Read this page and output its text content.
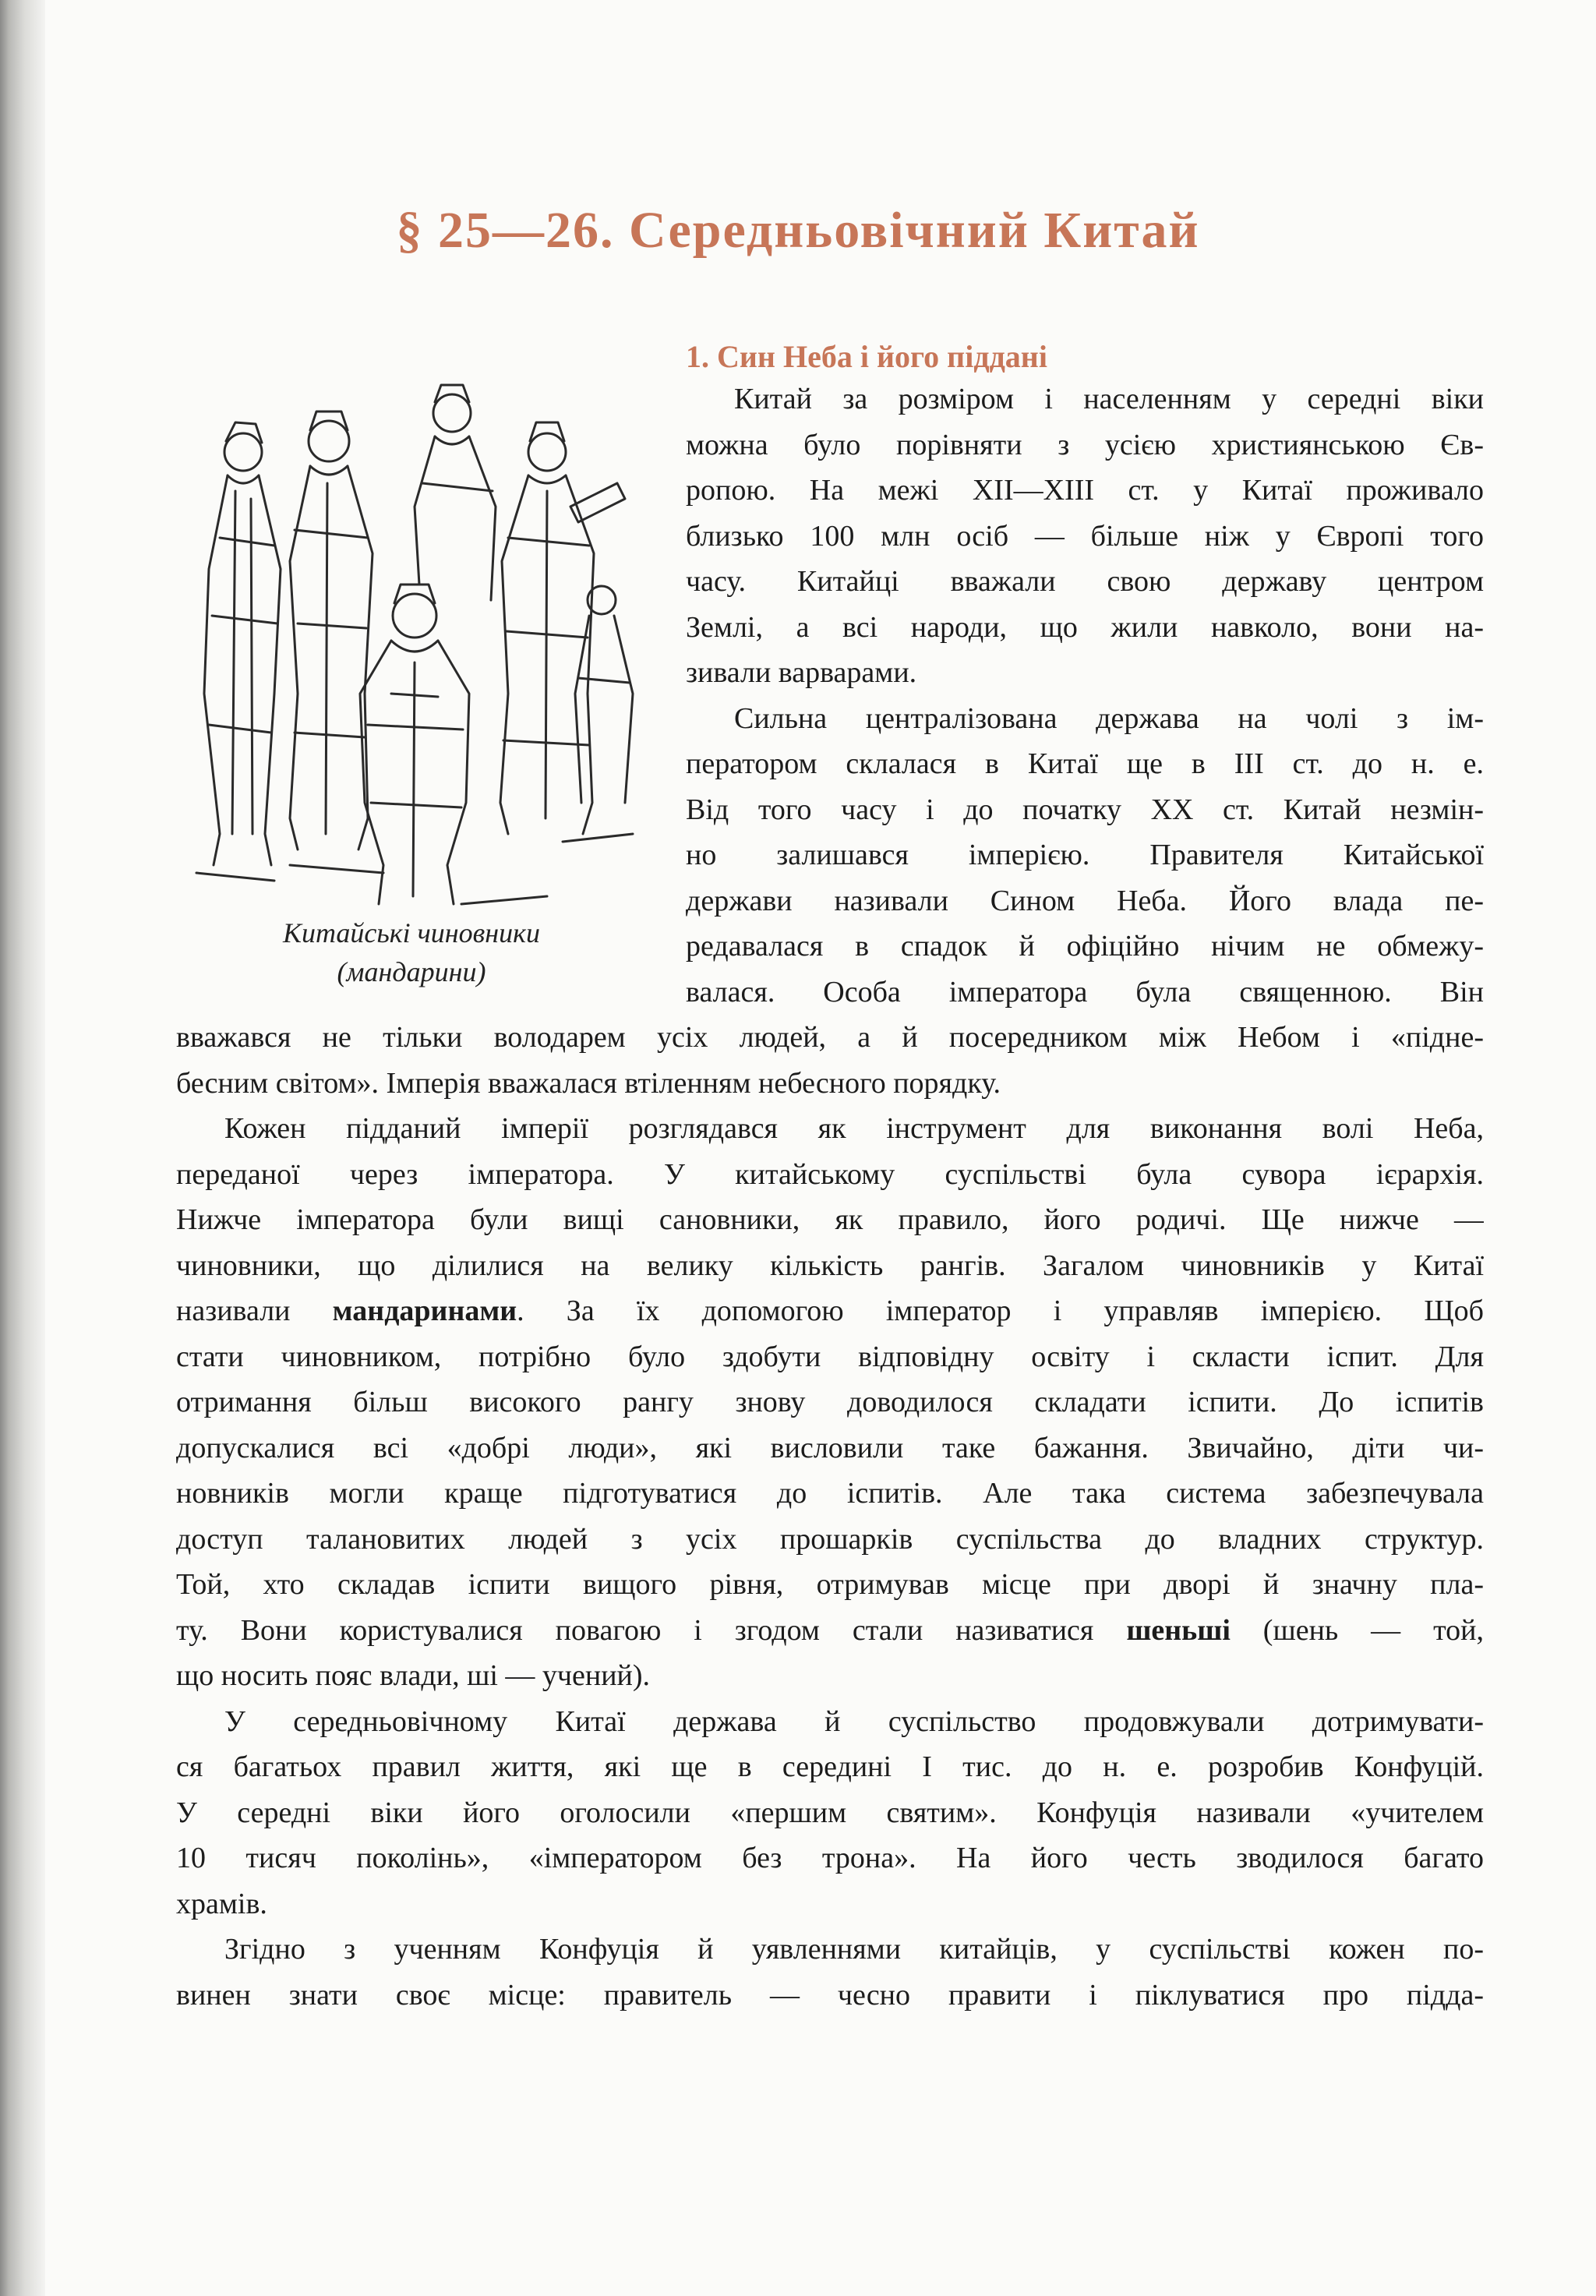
§ 25—26. Середньовічний Китай
Китайські чиновники
(мандарини)
1. Син Неба і його піддані
Китай за розміром і населенням у середні віки
можна було порівняти з усією християнською Єв-
ропою. На межі XII—XIII ст. у Китаї проживало
близько 100 млн осіб — більше ніж у Європі того
часу. Китайці вважали свою державу центром
Землі, а всі народи, що жили навколо, вони на-
зивали варварами.
Сильна централізована держава на чолі з ім-
ператором склалася в Китаї ще в III ст. до н. е.
Від того часу і до початку XX ст. Китай незмін-
но залишався імперією. Правителя Китайської
держави називали Сином Неба. Його влада пе-
редавалася в спадок й офіційно нічим не обмежу-
валася. Особа імператора була священною. Він
вважався не тільки володарем усіх людей, а й посередником між Небом і «підне-
бесним світом». Імперія вважалася втіленням небесного порядку.
Кожен підданий імперії розглядався як інструмент для виконання волі Неба,
переданої через імператора. У китайському суспільстві була сувора ієрархія.
Нижче імператора були вищі сановники, як правило, його родичі. Ще нижче —
чиновники, що ділилися на велику кількість рангів. Загалом чиновників у Китаї
називали мандаринами. За їх допомогою імператор і управляв імперією. Щоб
стати чиновником, потрібно було здобути відповідну освіту і скласти іспит. Для
отримання більш високого рангу знову доводилося складати іспити. До іспитів
допускалися всі «добрі люди», які висловили таке бажання. Звичайно, діти чи-
новників могли краще підготуватися до іспитів. Але така система забезпечувала
доступ талановитих людей з усіх прошарків суспільства до владних структур.
Той, хто складав іспити вищого рівня, отримував місце при дворі й значну пла-
ту. Вони користувалися повагою і згодом стали називатися шеньші (шень — той,
що носить пояс влади, ші — учений).
У середньовічному Китаї держава й суспільство продовжували дотримувати-
ся багатьох правил життя, які ще в середині I тис. до н. е. розробив Конфуцій.
У середні віки його оголосили «першим святим». Конфуція називали «учителем
10 тисяч поколінь», «імператором без трона». На його честь зводилося багато
храмів.
Згідно з ученням Конфуція й уявленнями китайців, у суспільстві кожен по-
винен знати своє місце: правитель — чесно правити і піклуватися про підда-
